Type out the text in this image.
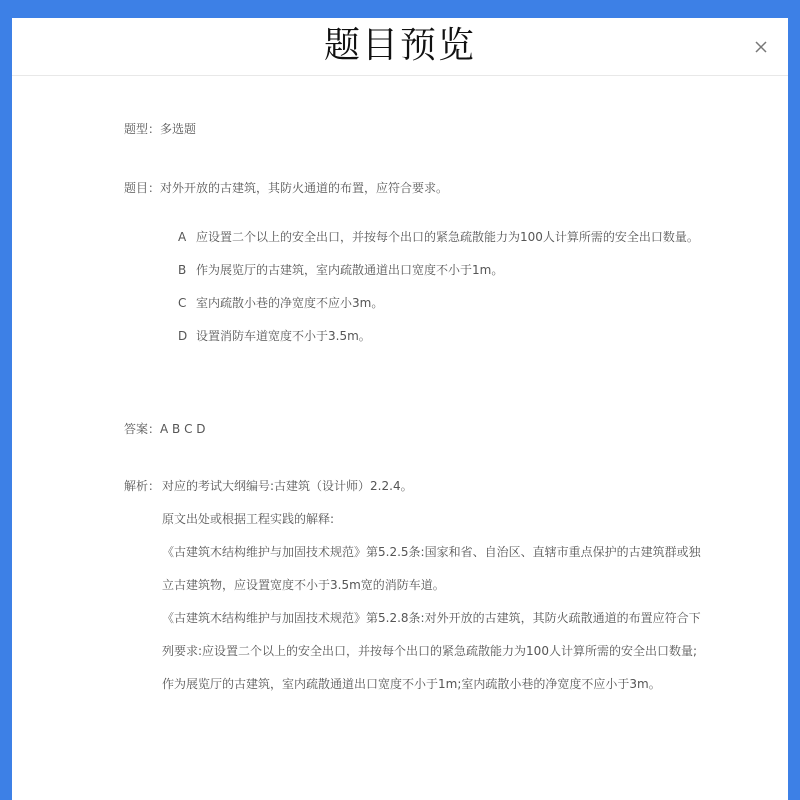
题目预览
题型：多选题
题目：对外开放的古建筑，其防火通道的布置，应符合要求。
A 应设置二个以上的安全出口，并按每个出口的紧急疏散能力为100人计算所需的安全出口数量。
B 作为展览厅的古建筑，室内疏散通道出口宽度不小于1m。
C 室内疏散小巷的净宽度不应小3m。
D 设置消防车道宽度不小于3.5m。
答案：A B C D
解析： 对应的考试大纲编号:古建筑（设计师）2.2.4。

原文出处或根据工程实践的解释:

《古建筑木结构维护与加固技术规范》第5.2.5条:国家和省、自治区、直辖市重点保护的古建筑群或独立古建筑物，应设置宽度不小于3.5m宽的消防车道。

《古建筑木结构维护与加固技术规范》第5.2.8条:对外开放的古建筑，其防火疏散通道的布置应符合下列要求:应设置二个以上的安全出口，并按每个出口的紧急疏散能力为100人计算所需的安全出口数量;作为展览厅的古建筑，室内疏散通道出口宽度不小于1m;室内疏散小巷的净宽度不应小于3m。
